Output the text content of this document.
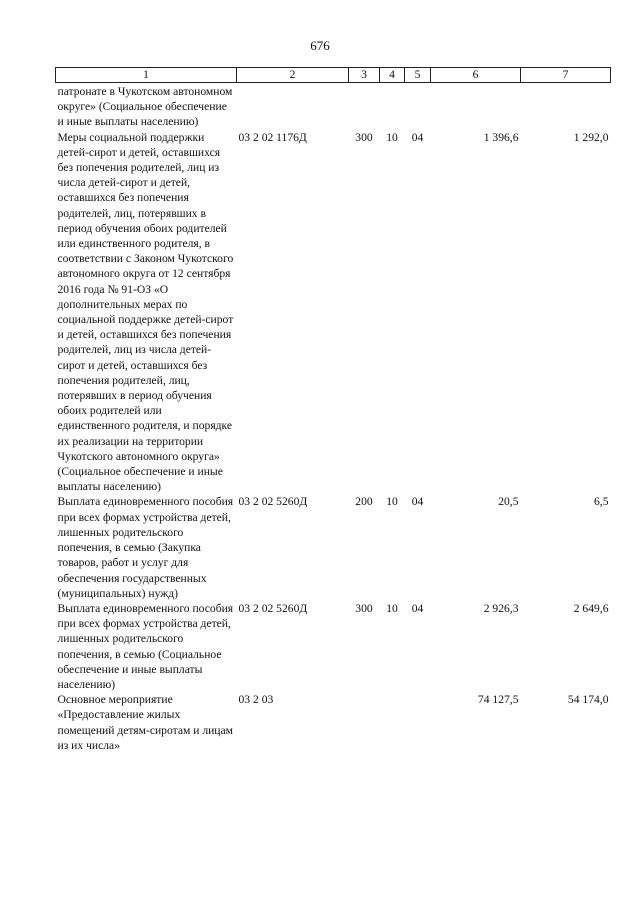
676
1	2	3	4	5	6	7
патронате в Чукотском автономном округе» (Социальное обеспечение и иные выплаты населению)						
Меры социальной поддержки детей-сирот и детей, оставшихся без попечения родителей, лиц из числа детей-сирот и детей, оставшихся без попечения родителей, лиц, потерявших в период обучения обоих родителей или единственного родителя, в соответствии с Законом Чукотского автономного округа от 12 сентября 2016 года № 91-ОЗ «О дополнительных мерах по социальной поддержке детей-сирот и детей, оставшихся без попечения родителей, лиц из числа детей-сирот и детей, оставшихся без попечения родителей, лиц, потерявших в период обучения обоих родителей или единственного родителя, и порядке их реализации на территории Чукотского автономного округа» (Социальное обеспечение и иные выплаты населению)	03 2 02 1176Д	300	10	04	1 396,6	1 292,0
Выплата единовременного пособия при всех формах устройства детей, лишенных родительского попечения, в семью (Закупка товаров, работ и услуг для обеспечения государственных (муниципальных) нужд)	03 2 02 5260Д	200	10	04	20,5	6,5
Выплата единовременного пособия при всех формах устройства детей, лишенных родительского попечения, в семью (Социальное обеспечение и иные выплаты населению)	03 2 02 5260Д	300	10	04	2 926,3	2 649,6
Основное мероприятие «Предоставление жилых помещений детям-сиротам и лицам из их числа»	03 2 03				74 127,5	54 174,0
